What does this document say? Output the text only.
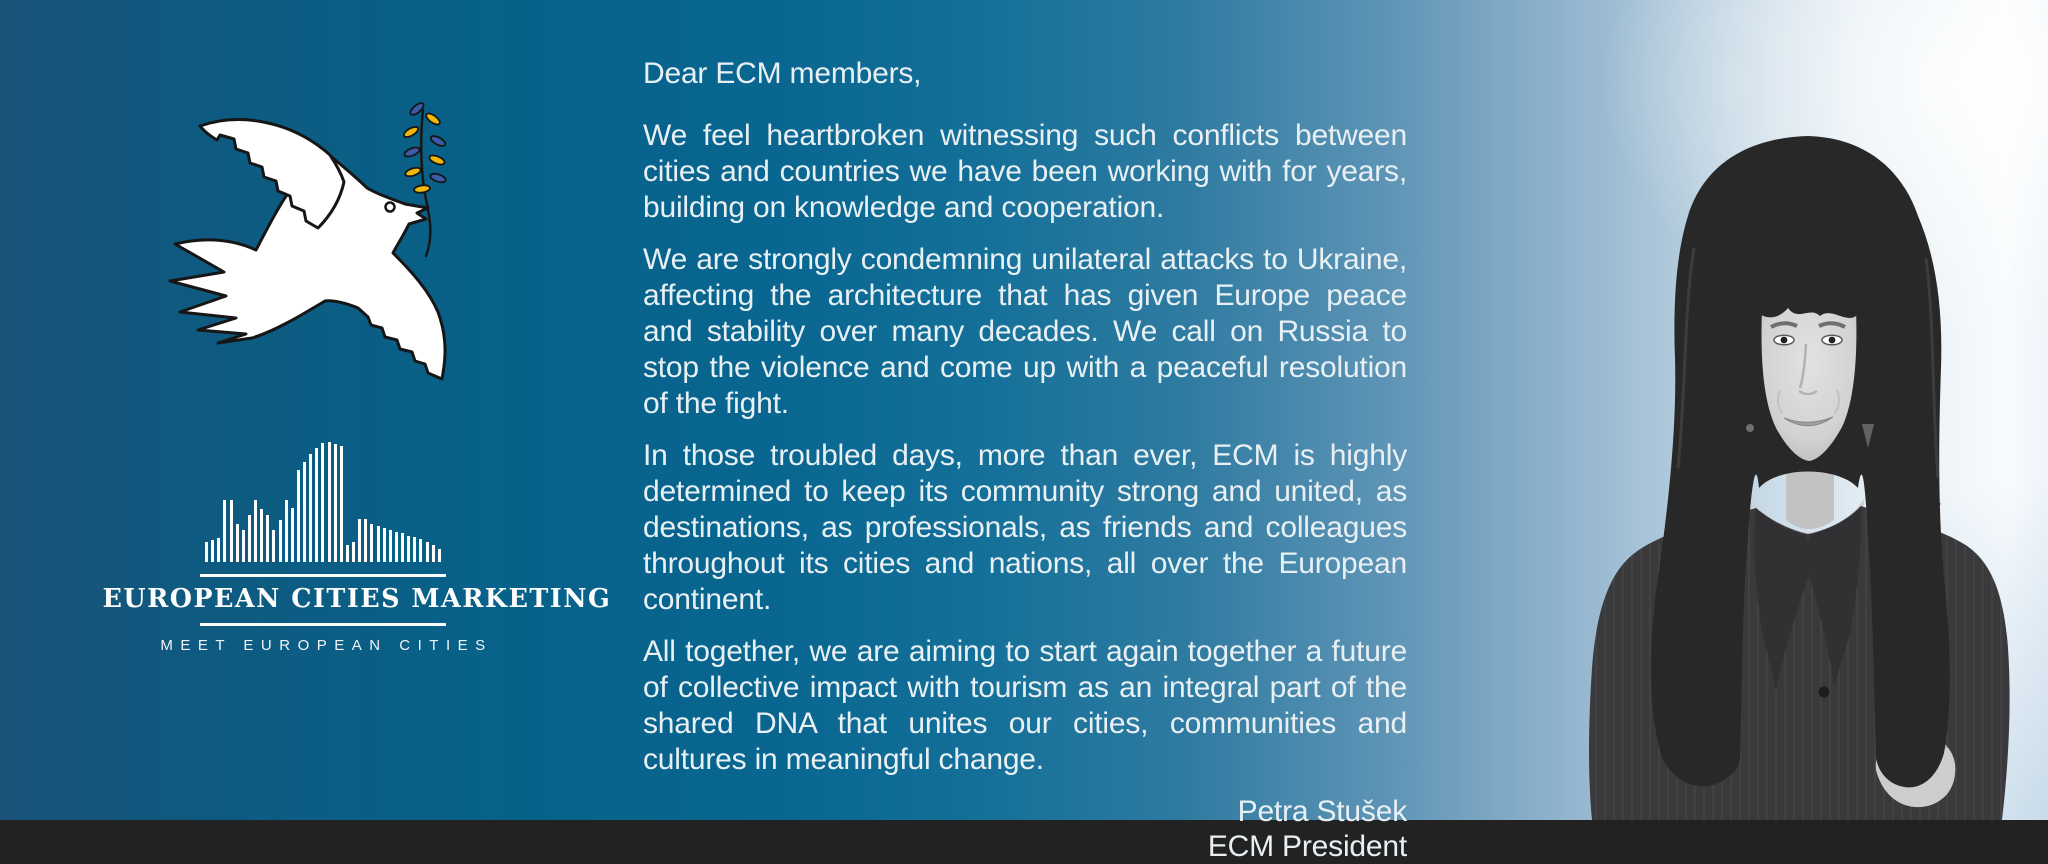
EUROPEAN CITIES MARKETING
MEET EUROPEAN CITIES

Dear ECM members,

We feel heartbroken witnessing such conflicts between cities and countries we have been working with for years, building on knowledge and cooperation.

We are strongly condemning unilateral attacks to Ukraine, affecting the architecture that has given Europe peace and stability over many decades. We call on Russia to stop the violence and come up with a peaceful resolution of the fight.

In those troubled days, more than ever, ECM is highly determined to keep its community strong and united, as destinations, as professionals, as friends and colleagues throughout its cities and nations, all over the European continent.

All together, we are aiming to start again together a future of collective impact with tourism as an integral part of the shared DNA that unites our cities, communities and cultures in meaningful change.

Petra Stušek
ECM President
